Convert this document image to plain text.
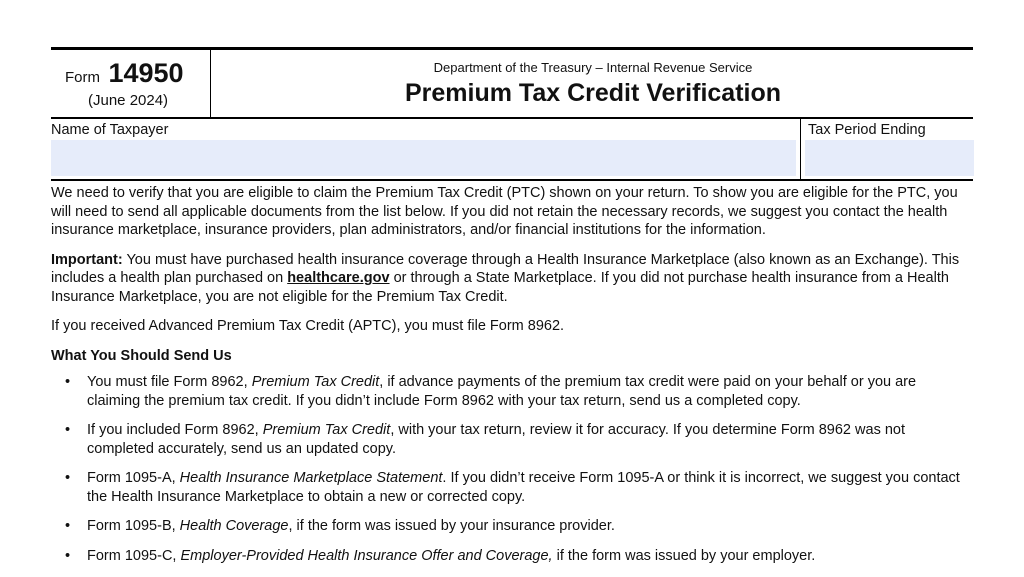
Form 14950
(June 2024)
Department of the Treasury – Internal Revenue Service
Premium Tax Credit Verification
Name of Taxpayer	Tax Period Ending

We need to verify that you are eligible to claim the Premium Tax Credit (PTC) shown on your return. To show you are eligible for the PTC, you will need to send all applicable documents from the list below. If you did not retain the necessary records, we suggest you contact the health insurance marketplace, insurance providers, plan administrators, and/or financial institutions for the information.

Important: You must have purchased health insurance coverage through a Health Insurance Marketplace (also known as an Exchange). This includes a health plan purchased on healthcare.gov or through a State Marketplace. If you did not purchase health insurance from a Health Insurance Marketplace, you are not eligible for the Premium Tax Credit.

If you received Advanced Premium Tax Credit (APTC), you must file Form 8962.

What You Should Send Us

• You must file Form 8962, Premium Tax Credit, if advance payments of the premium tax credit were paid on your behalf or you are claiming the premium tax credit. If you didn’t include Form 8962 with your tax return, send us a completed copy.
• If you included Form 8962, Premium Tax Credit, with your tax return, review it for accuracy. If you determine Form 8962 was not completed accurately, send us an updated copy.
• Form 1095-A, Health Insurance Marketplace Statement. If you didn’t receive Form 1095-A or think it is incorrect, we suggest you contact the Health Insurance Marketplace to obtain a new or corrected copy.
• Form 1095-B, Health Coverage, if the form was issued by your insurance provider.
• Form 1095-C, Employer-Provided Health Insurance Offer and Coverage, if the form was issued by your employer.
